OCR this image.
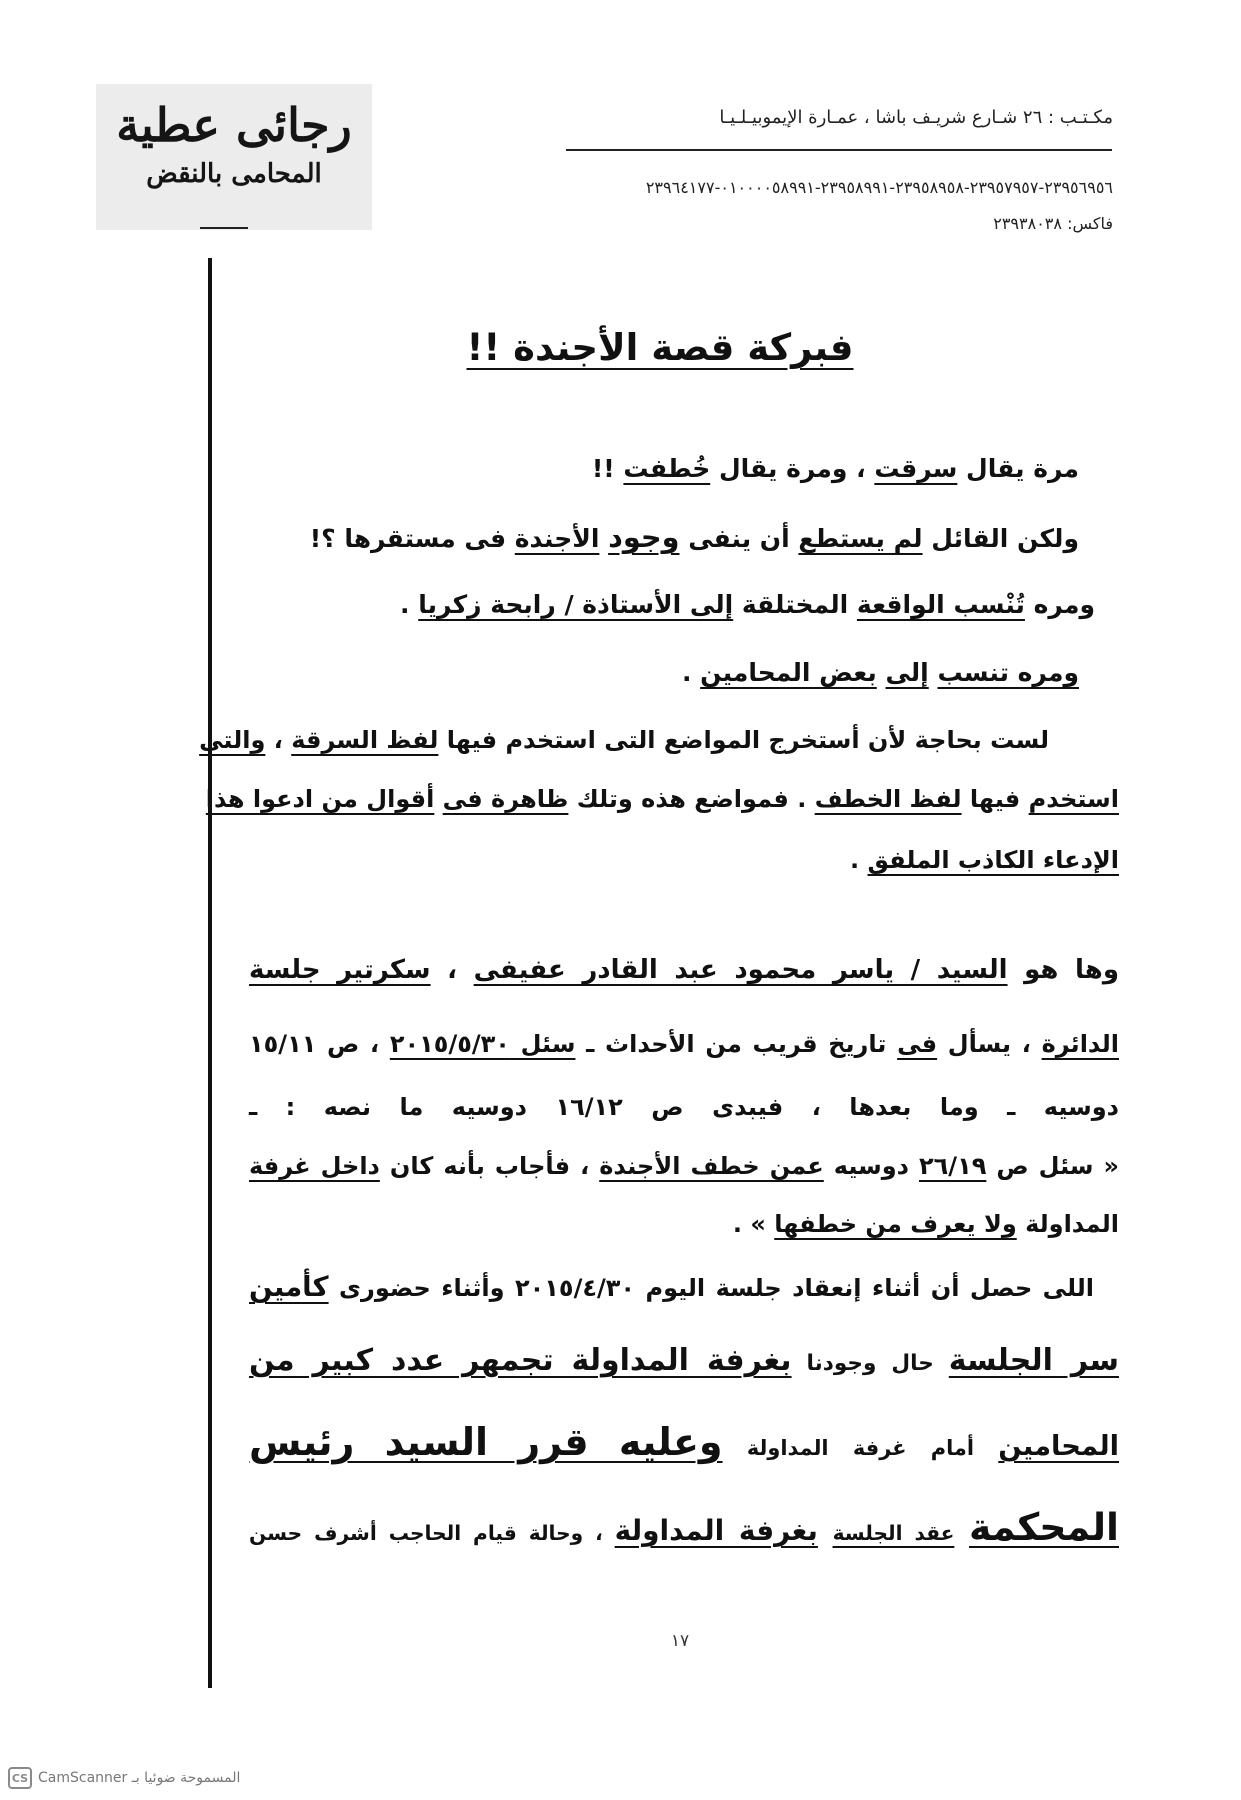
رجائى عطية
المحامى بالنقض
مكـتـب : ٢٦ شـارع شريـف باشا ، عمـارة الإيموبيـلـيـا
٢٣٩٥٦٩٥٦-٢٣٩٥٧٩٥٧-٢٣٩٥٨٩٥٨-٢٣٩٥٨٩٩١-٠١٠٠٠٠٥٨٩٩١-٢٣٩٦٤١٧٧
فاكس: ٢٣٩٣٨٠٣٨
فبركة قصة الأجندة !!
مرة يقال سرقت ، ومرة يقال خُطفت !!
ولكن القائل لم يستطع أن ينفى وجود الأجندة فى مستقرها ؟!
ومره تُنْسب الواقعة المختلقة إلى الأستاذة / رابحة زكريا .
ومره تنسب إلى بعض المحامين .
لست بحاجة لأن أستخرج المواضع التى استخدم فيها لفظ السرقة ، والتى
استخدم فيها لفظ الخطف . فمواضع هذه وتلك ظاهرة فى أقوال من ادعوا هذا
الإدعاء الكاذب الملفق .
وها هو السيد / ياسر محمود عبد القادر عفيفى ، سكرتير جلسة
الدائرة ، يسأل فى تاريخ قريب من الأحداث ـ سئل ٢٠١٥/٥/٣٠ ، ص ١٥/١١
دوسيه ـ وما بعدها ، فيبدى ص ١٦/١٢ دوسيه ما نصه : ـ
« سئل ص ٢٦/١٩ دوسيه عمن خطف الأجندة ، فأجاب بأنه كان داخل غرفة
المداولة ولا يعرف من خطفها » .
اللى حصل أن أثناء إنعقاد جلسة اليوم ٢٠١٥/٤/٣٠ وأثناء حضورى كأمين
سر الجلسة حال وجودنا بغرفة المداولة تجمهر عدد كبير من
المحامين أمام غرفة المداولة وعليه قرر السيد رئيس
المحكمة عقد الجلسة بغرفة المداولة ، وحالة قيام الحاجب أشرف حسن
١٧
CS CamScanner المسموحة ضوئيا بـ
